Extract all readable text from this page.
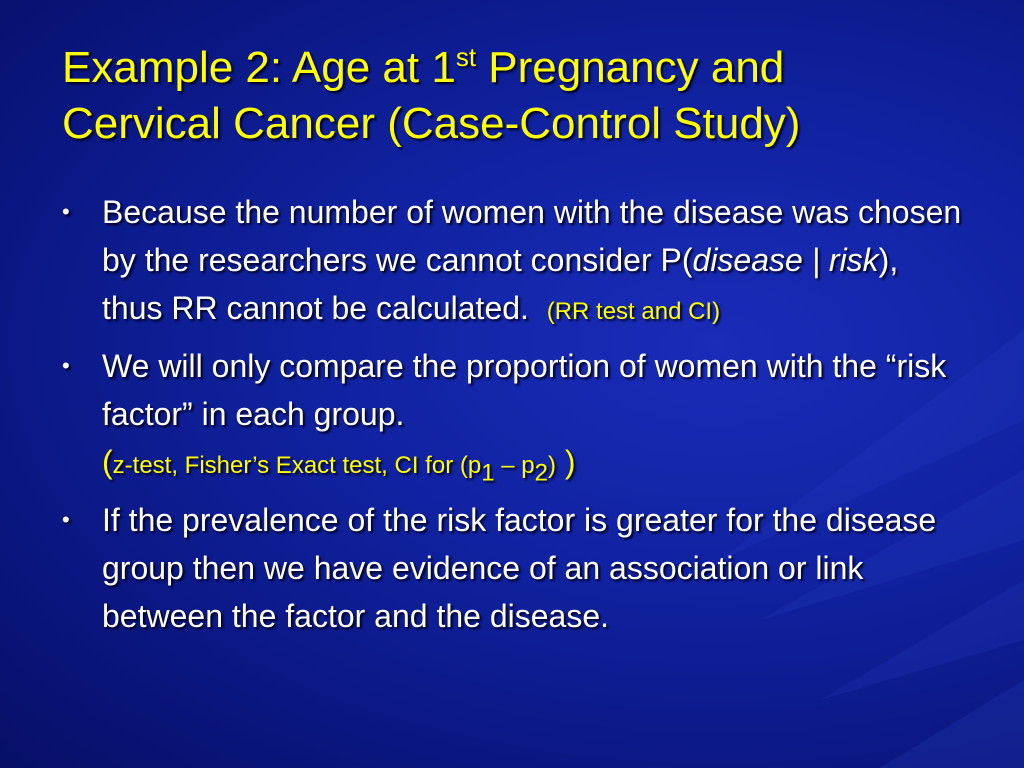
Example 2: Age at 1st Pregnancy and
Cervical Cancer (Case-Control Study)
• Because the number of women with the disease was chosen by the researchers we cannot consider P(disease | risk), thus RR cannot be calculated. (RR test and CI)
• We will only compare the proportion of women with the “risk factor” in each group.
(z-test, Fisher’s Exact test, CI for $(p_1 - p_2)$ )
• If the prevalence of the risk factor is greater for the disease group then we have evidence of an association or link between the factor and the disease.
